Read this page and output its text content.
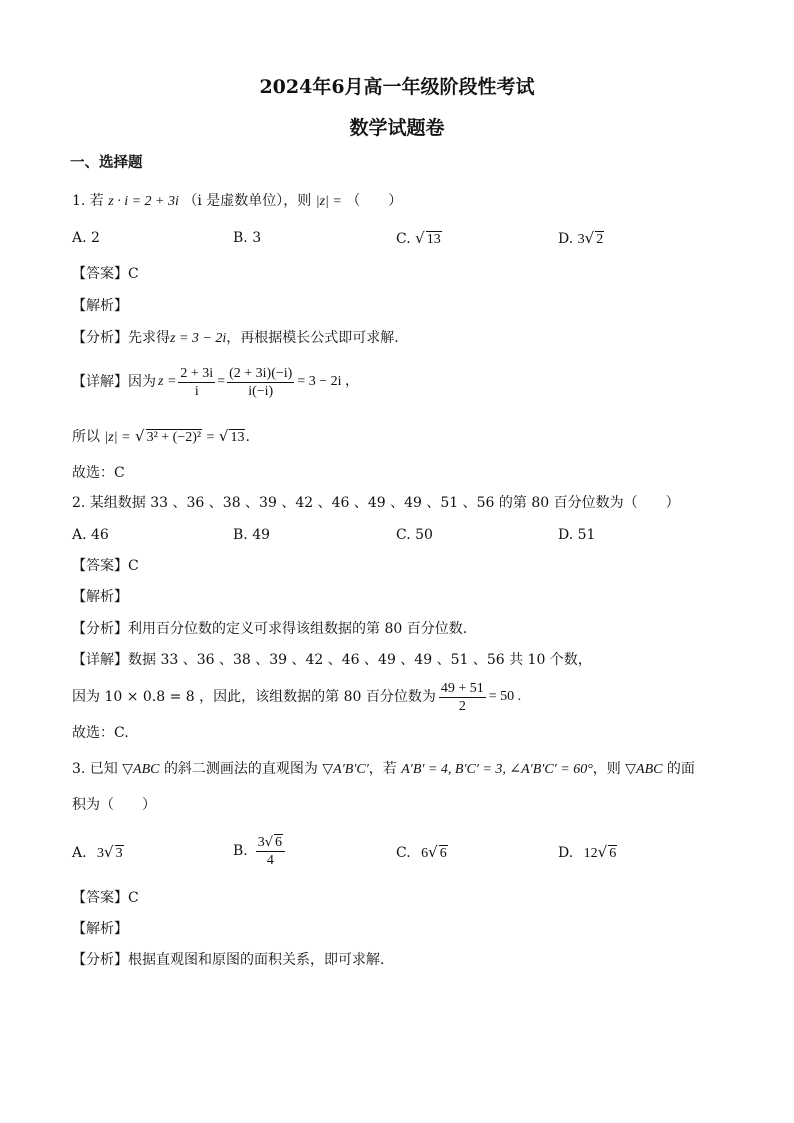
2024年6月高一年级阶段性考试
数学试题卷
一、选择题
1. 若 z · i = 2 + 3i （i 是虚数单位），则 |z| = （　　）
A. 2	B. 3	C. √ 13	D. 3√ 2
【答案】C
【解析】
【分析】先求得z = 3 − 2i，再根据模长公式即可求解.
【详解】因为 $z = \frac{2 + 3i}{i} = \frac{(2 + 3i)(-i)}{i(-i)} = 3 - 2i$ ，
所以 |z| = √ 3² + (−2)² = √ 13.
故选：C
2. 某组数据 33 、36 、38 、39 、42 、46 、49 、49 、51 、56 的第 80 百分位数为（　　）
A. 46	B. 49	C. 50	D. 51
【答案】C
【解析】
【分析】利用百分位数的定义可求得该组数据的第 80 百分位数.
【详解】数据 33 、36 、38 、39 、42 、46 、49 、49 、51 、56 共 10 个数，
因为 10 × 0.8 = 8 ，因此，该组数据的第 80 百分位数为 $\frac{49 + 51}{2} = 50$ .
故选：C.
3. 已知 ▽ABC 的斜二测画法的直观图为 ▽A′B′C′，若 A′B′ = 4, B′C′ = 3, ∠A′B′C′ = 60°，则 ▽ABC 的面
积为（　　）
A. 3√ 3	B. $\frac{3√ 6}{4}$	C. 6√ 6	D. 12√ 6
【答案】C
【解析】
【分析】根据直观图和原图的面积关系，即可求解.
